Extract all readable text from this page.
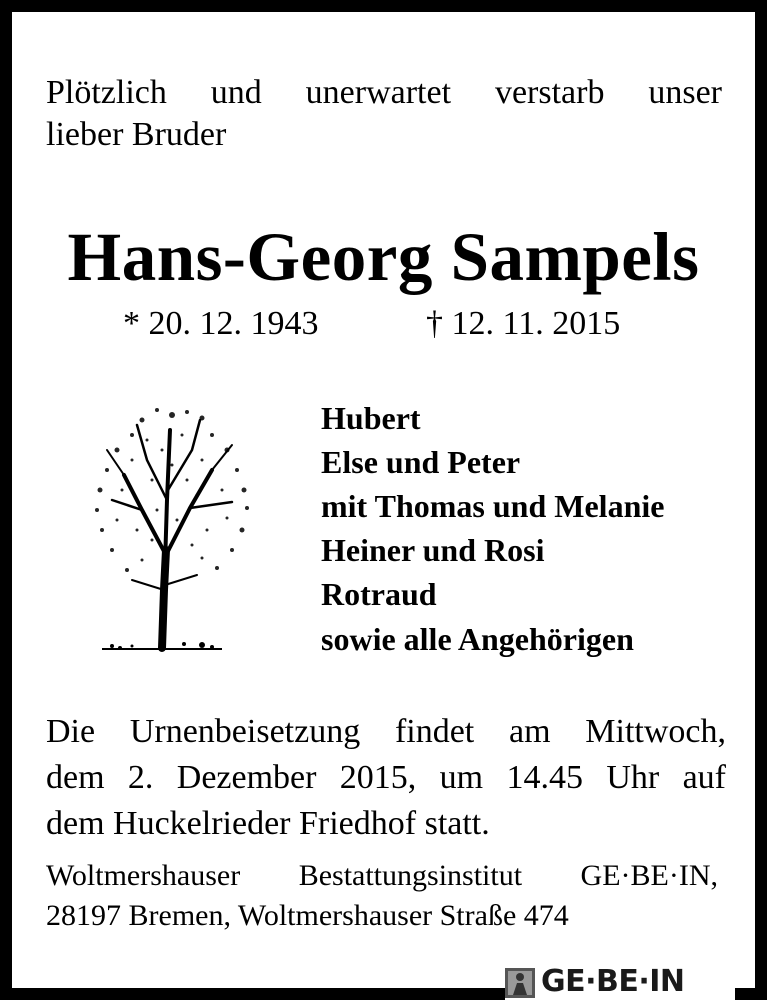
Plötzlich und unerwartet verstarb unser
lieber Bruder
Hans-Georg Sampels
* 20. 12. 1943	† 12. 11. 2015
Hubert
Else und Peter
mit Thomas und Melanie
Heiner und Rosi
Rotraud
sowie alle Angehörigen
Die Urnenbeisetzung findet am Mittwoch,
dem 2. Dezember 2015, um 14.45 Uhr auf
dem Huckelrieder Friedhof statt.
Woltmershauser Bestattungsinstitut GE·BE·IN,
28197 Bremen, Woltmershauser Straße 474
GE·BE·IN
